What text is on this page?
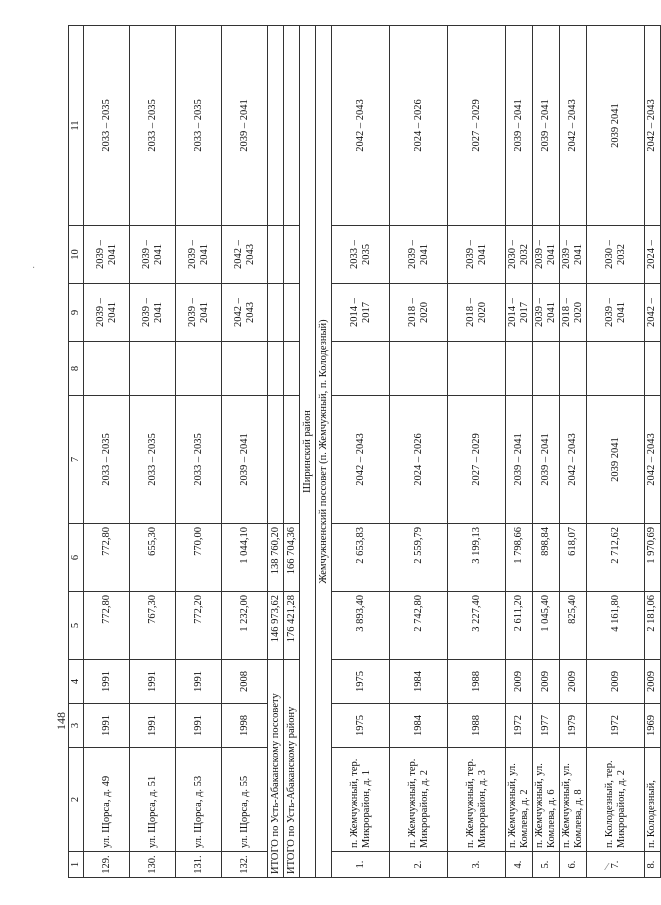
148
1	2	3	4	5	6	7	8	9	10	11
129.	ул. Щорса, д. 49	1991	1991	772,80	772,80	2033 – 2035		2039 – 2041	2039 – 2041	2033 – 2035
130.	ул. Щорса, д. 51	1991	1991	767,30	655,30	2033 – 2035		2039 – 2041	2039 – 2041	2033 – 2035
131.	ул. Щорса, д. 53	1991	1991	772,20	770,00	2033 – 2035		2039 – 2041	2039 – 2041	2033 – 2035
132.	ул. Щорса, д. 55	1998	2008	1 232,00	1 044,10	2039 – 2041		2042 – 2043	2042 – 2043	2039 – 2041
ИТОГО по Усть-Абаканскому поссовету				146 973,62	138 760,20					
ИТОГО по Усть-Абаканскому району				176 421,28	166 704,36					
Ширинский район										
Жемчужненский поссовет (п. Жемчужный, п. Колодезный)										
1.	п. Жемчужный, тер. Микрорайон, д. 1	1975	1975	3 893,40	2 653,83	2042 – 2043		2014 – 2017	2033 – 2035	2042 – 2043
2.	п. Жемчужный, тер. Микрорайон, д. 2	1984	1984	2 742,80	2 559,79	2024 – 2026		2018 – 2020	2039 – 2041	2024 – 2026
3.	п. Жемчужный, тер. Микрорайон, д. 3	1988	1988	3 227,40	3 199,13	2027 – 2029		2018 – 2020	2039 – 2041	2027 – 2029
4.	п. Жемчужный, ул. Комлева, д. 2	1972	2009	2 611,20	1 798,66	2039 – 2041		2014 – 2017	2030 – 2032	2039 – 2041
5.	п. Жемчужный, ул. Комлева, д. 6	1977	2009	1 045,40	898,84	2039 – 2041		2039 – 2041	2039 – 2041	2039 – 2041
6.	п. Жемчужный, ул. Комлева, д. 8	1979	2009	825,40	618,07	2042 – 2043		2018 – 2020	2039 – 2041	2042 – 2043
7.	п. Колодезный, тер. Микрорайон, д. 2	1972	2009	4 161,80	2 712,62	2039 2041		2039 – 2041	2030 – 2032	2039 2041
8.	п. Колодезный,	1969	2009	2 181,06	1 970,69	2042 – 2043		2042 –	2024 –	2042 – 2043
.
⁄
